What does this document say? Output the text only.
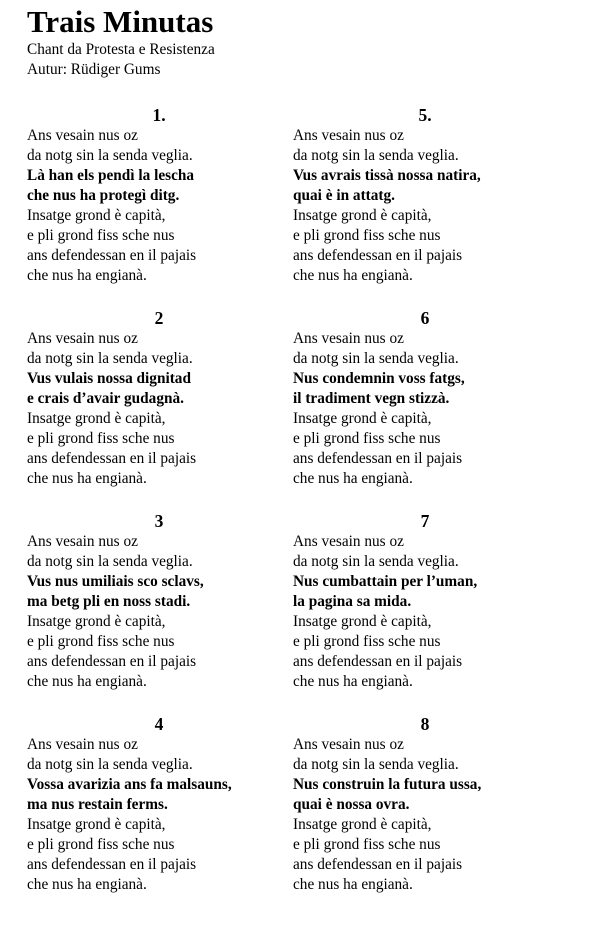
Trais Minutas

Chant da Protesta e Resistenza

Autur: Rüdiger Gums

1.
Ans vesain nus oz
da notg sin la senda veglia.
Là han els pendì la lescha
che nus ha protegì ditg.
Insatge grond è capità,
e pli grond fiss sche nus
ans defendessan en il pajais
che nus ha engianà.
2
Ans vesain nus oz
da notg sin la senda veglia.
Vus vulais nossa dignitad
e crais d’avair gudagnà.
Insatge grond è capità,
e pli grond fiss sche nus
ans defendessan en il pajais
che nus ha engianà.
3
Ans vesain nus oz
da notg sin la senda veglia.
Vus nus umiliais sco sclavs,
ma betg pli en noss stadi.
Insatge grond è capità,
e pli grond fiss sche nus
ans defendessan en il pajais
che nus ha engianà.
4
Ans vesain nus oz
da notg sin la senda veglia.
Vossa avarizia ans fa malsauns,
ma nus restain ferms.
Insatge grond è capità,
e pli grond fiss sche nus
ans defendessan en il pajais
che nus ha engianà.
5.
Ans vesain nus oz
da notg sin la senda veglia.
Vus avrais tissà nossa natira,
quai è in attatg.
Insatge grond è capità,
e pli grond fiss sche nus
ans defendessan en il pajais
che nus ha engianà.
6
Ans vesain nus oz
da notg sin la senda veglia.
Nus condemnin voss fatgs,
il tradiment vegn stizzà.
Insatge grond è capità,
e pli grond fiss sche nus
ans defendessan en il pajais
che nus ha engianà.
7
Ans vesain nus oz
da notg sin la senda veglia.
Nus cumbattain per l’uman,
la pagina sa mida.
Insatge grond è capità,
e pli grond fiss sche nus
ans defendessan en il pajais
che nus ha engianà.
8
Ans vesain nus oz
da notg sin la senda veglia.
Nus construin la futura ussa,
quai è nossa ovra.
Insatge grond è capità,
e pli grond fiss sche nus
ans defendessan en il pajais
che nus ha engianà.
